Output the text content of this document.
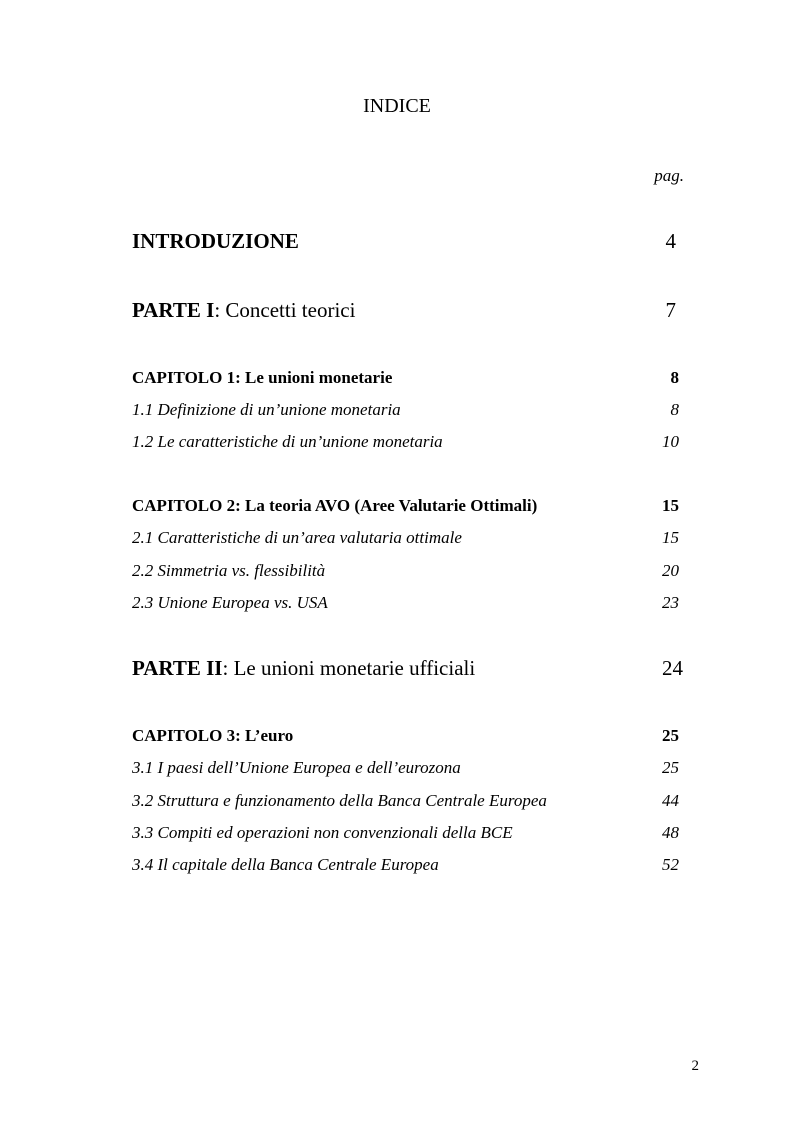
INDICE
pag.
INTRODUZIONE	4
PARTE I: Concetti teorici	7
CAPITOLO 1: Le unioni monetarie	8
1.1 Definizione di un’unione monetaria	8
1.2 Le caratteristiche di un’unione monetaria	10
CAPITOLO 2: La teoria AVO (Aree Valutarie Ottimali)	15
2.1 Caratteristiche di un’area valutaria ottimale	15
2.2 Simmetria vs. flessibilità	20
2.3 Unione Europea vs. USA	23
PARTE II: Le unioni monetarie ufficiali	24
CAPITOLO 3: L’euro	25
3.1 I paesi dell’Unione Europea e dell’eurozona	25
3.2 Struttura e funzionamento della Banca Centrale Europea	44
3.3 Compiti ed operazioni non convenzionali della BCE	48
3.4 Il capitale della Banca Centrale Europea	52
2
